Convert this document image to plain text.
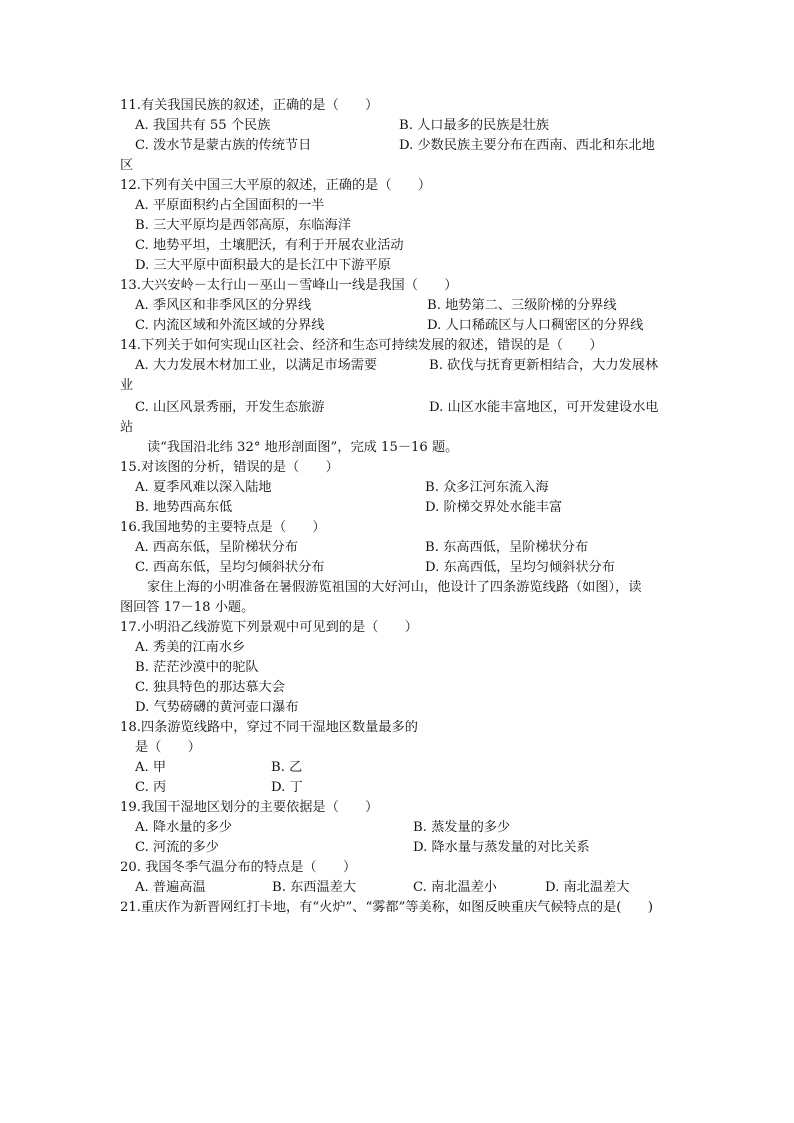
11.有关我国民族的叙述，正确的是（　　）
A. 我国共有 55 个民族	B. 人口最多的民族是壮族
C. 泼水节是蒙古族的传统节日	D. 少数民族主要分布在西南、西北和东北地
区
12.下列有关中国三大平原的叙述，正确的是（　　）
A. 平原面积约占全国面积的一半
B. 三大平原均是西邻高原，东临海洋
C. 地势平坦，土壤肥沃，有利于开展农业活动
D. 三大平原中面积最大的是长江中下游平原
13.大兴安岭－太行山－巫山－雪峰山一线是我国（　　）
A. 季风区和非季风区的分界线	B. 地势第二、三级阶梯的分界线
C. 内流区域和外流区域的分界线	D. 人口稀疏区与人口稠密区的分界线
14.下列关于如何实现山区社会、经济和生态可持续发展的叙述，错误的是（　　）
A. 大力发展木材加工业，以满足市场需要	B. 砍伐与抚育更新相结合，大力发展林
业
C. 山区风景秀丽，开发生态旅游	D. 山区水能丰富地区，可开发建设水电
站
读“我国沿北纬 32° 地形剖面图”，完成 15－16 题。
15.对该图的分析，错误的是（　　）
A. 夏季风难以深入陆地	B. 众多江河东流入海
B. 地势西高东低	D. 阶梯交界处水能丰富
16.我国地势的主要特点是（　　）
A. 西高东低，呈阶梯状分布	B. 东高西低，呈阶梯状分布
C. 西高东低，呈均匀倾斜状分布	D. 东高西低，呈均匀倾斜状分布
家住上海的小明准备在暑假游览祖国的大好河山，他设计了四条游览线路（如图），读
图回答 17－18 小题。
17.小明沿乙线游览下列景观中可见到的是（　　）
A. 秀美的江南水乡
B. 茫茫沙漠中的驼队
C. 独具特色的那达慕大会
D. 气势磅礴的黄河壶口瀑布
18.四条游览线路中，穿过不同干湿地区数量最多的
是（　　）
A. 甲	B. 乙
C. 丙	D. 丁
19.我国干湿地区划分的主要依据是（　　）
A. 降水量的多少	B. 蒸发量的多少
C. 河流的多少	D. 降水量与蒸发量的对比关系
20. 我国冬季气温分布的特点是（　　）
A. 普遍高温	B. 东西温差大	C. 南北温差小	D. 南北温差大
21.重庆作为新晋网红打卡地，有“火炉”、“雾都”等美称，如图反映重庆气候特点的是(　　)
